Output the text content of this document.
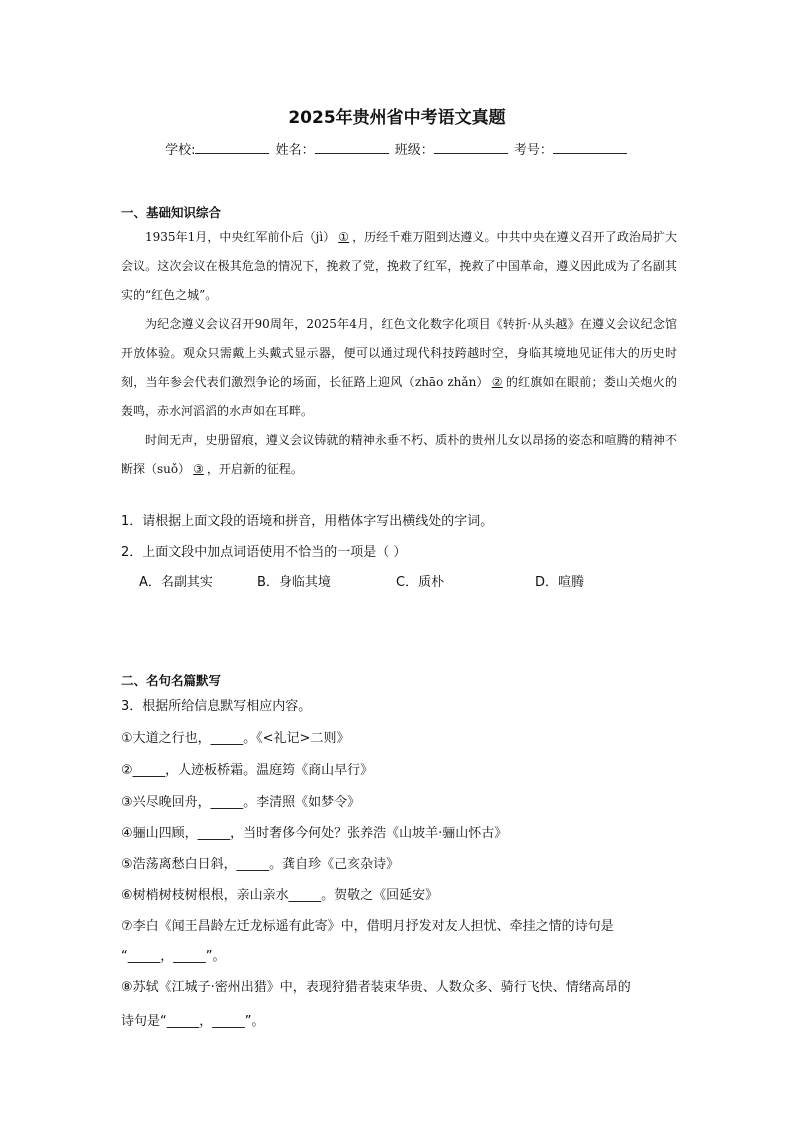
2025年贵州省中考语文真题
学校:	姓名：	班级：	考号：
一、基础知识综合

1935年1月，中央红军前仆后（jì） ① ，历经千难万阻到达遵义。中共中央在遵义召开了政治局扩大会议。这次会议在极其危急的情况下，挽救了党，挽救了红军，挽救了中国革命，遵义因此成为了名副其实的“红色之城”。

为纪念遵义会议召开90周年，2025年4月，红色文化数字化项目《转折·从头越》在遵义会议纪念馆开放体验。观众只需戴上头戴式显示器，便可以通过现代科技跨越时空，身临其境地见证伟大的历史时刻，当年参会代表们激烈争论的场面，长征路上迎风（zhāo zhǎn） ② 的红旗如在眼前；娄山关炮火的轰鸣，赤水河滔滔的水声如在耳畔。

时间无声，史册留痕，遵义会议铸就的精神永垂不朽、质朴的贵州儿女以昂扬的姿态和喧腾的精神不断探（suǒ） ③ ，开启新的征程。

1．请根据上面文段的语境和拼音，用楷体字写出横线处的字词。
2．上面文段中加点词语使用不恰当的一项是（ ）
A．名副其实	B．身临其境	C．质朴	D．喧腾
二、名句名篇默写
3．根据所给信息默写相应内容。
①大道之行也，_____。《<礼记>二则》
②_____，人迹板桥霜。温庭筠《商山早行》
③兴尽晚回舟，_____。李清照《如梦令》
④骊山四顾，_____，当时奢侈今何处？张养浩《山坡羊·骊山怀古》
⑤浩荡离愁白日斜，_____。龚自珍《己亥杂诗》
⑥树梢树枝树根根，亲山亲水_____。贺敬之《回延安》
⑦李白《闻王昌龄左迁龙标遥有此寄》中，借明月抒发对友人担忧、牵挂之情的诗句是
“_____，_____”。
⑧苏轼《江城子·密州出猎》中，表现狩猎者装束华贵、人数众多、骑行飞快、情绪高昂的
诗句是“_____，_____”。
